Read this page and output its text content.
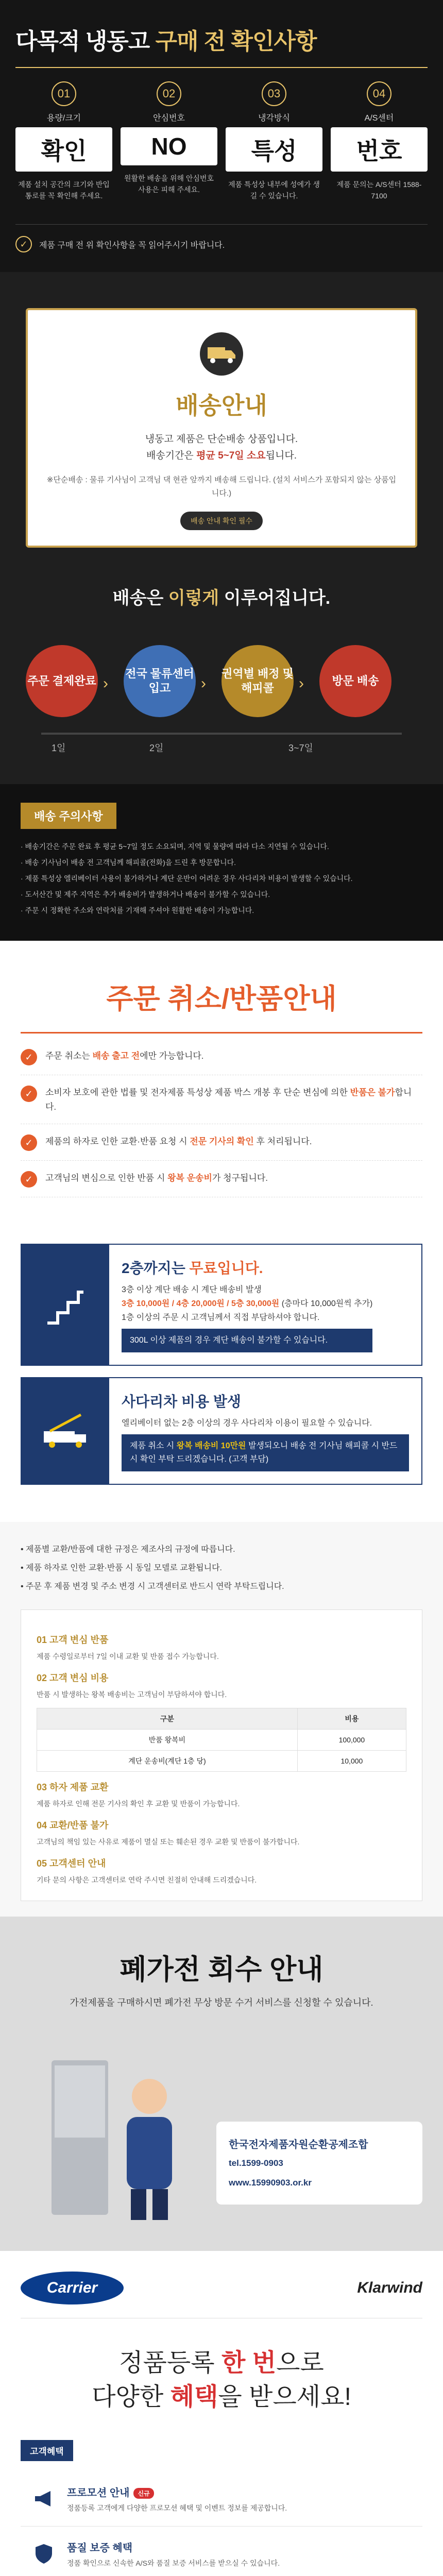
다목적 냉동고 구매 전 확인사항
01
용량/크기
확인
제품 설치 공간의 크기와 반입 통로를 꼭 확인해 주세요.
02
안심번호
NO
원활한 배송을 위해 안심번호 사용은 피해 주세요.
03
냉각방식
특성
제품 특성상 내부에 성에가 생길 수 있습니다.
04
A/S센터
번호
제품 문의는 A/S센터 1588-7100
✓	제품 구매 전 위 확인사항을 꼭 읽어주시기 바랍니다.
배송안내
냉동고 제품은 단순배송 상품입니다.
배송기간은 평균 5~7일 소요됩니다.
※단순배송 : 물류 기사님이 고객님 댁 현관 앞까지 배송해 드립니다. (설치 서비스가 포함되지 않는 상품입니다.)
배송 안내 확인 필수
배송은 이렇게 이루어집니다.
주문 결제완료 ›
전국 물류센터 입고	›
권역별 배정 및 해피콜	›	방문 배송
1일	2일	3~7일
배송 주의사항
· 배송기간은 주문 완료 후 평균 5~7일 정도 소요되며, 지역 및 물량에 따라 다소 지연될 수 있습니다.
· 배송 기사님이 배송 전 고객님께 해피콜(전화)을 드린 후 방문합니다.
· 제품 특성상 엘리베이터 사용이 불가하거나 계단 운반이 어려운 경우 사다리차 비용이 발생할 수 있습니다.
· 도서산간 및 제주 지역은 추가 배송비가 발생하거나 배송이 불가할 수 있습니다.
· 주문 시 정확한 주소와 연락처를 기재해 주셔야 원활한 배송이 가능합니다.
주문 취소/반품안내
✓	주문 취소는 배송 출고 전에만 가능합니다.
✓	소비자 보호에 관한 법률 및 전자제품 특성상 제품 박스 개봉 후 단순 변심에 의한 반품은 불가합니다.
✓	제품의 하자로 인한 교환·반품 요청 시 전문 기사의 확인 후 처리됩니다.
✓	고객님의 변심으로 인한 반품 시 왕복 운송비가 청구됩니다.
2층까지는 무료입니다.
3층 이상 계단 배송 시 계단 배송비 발생
3층 10,000원 / 4층 20,000원 / 5층 30,000원 (층마다 10,000원씩 추가)
1층 이상의 주문 시 고객님께서 직접 부담하셔야 합니다.
300L 이상 제품의 경우 계단 배송이 불가할 수 있습니다.
사다리차 비용 발생
엘리베이터 없는 2층 이상의 경우 사다리차 이용이 필요할 수 있습니다.
제품 취소 시 왕복 배송비 10만원 발생되오니 배송 전 기사님 해피콜 시 반드시 확인 부탁 드리겠습니다. (고객 부담)
• 제품별 교환/반품에 대한 규정은 제조사의 규정에 따릅니다.
• 제품 하자로 인한 교환·반품 시 동일 모델로 교환됩니다.
• 주문 후 제품 변경 및 주소 변경 시 고객센터로 반드시 연락 부탁드립니다.
01 고객 변심 반품

제품 수령일로부터 7일 이내 교환 및 반품 접수 가능합니다.

02 고객 변심 비용

반품 시 발생하는 왕복 배송비는 고객님이 부담하셔야 합니다.

구분	비용
반품 왕복비	100,000
계단 운송비(계단 1층 당)	10,000
03 하자 제품 교환

제품 하자로 인해 전문 기사의 확인 후 교환 및 반품이 가능합니다.

04 교환/반품 불가

고객님의 책임 있는 사유로 제품이 멸실 또는 훼손된 경우 교환 및 반품이 불가합니다.

05 고객센터 안내

기타 문의 사항은 고객센터로 연락 주시면 친절히 안내해 드리겠습니다.

폐가전 회수 안내
가전제품을 구매하시면 폐가전 무상 방문 수거 서비스를 신청할 수 있습니다.
한국전자제품자원순환공제조합
tel.1599-0903
www.15990903.or.kr
Carrier	Klarwind
정품등록 한 번으로
다양한 혜택을 받으세요!
고객혜택
프로모션 안내 신규
정품등록 고객에게 다양한 프로모션 혜택 및 이벤트 정보를 제공합니다.
품질 보증 혜택
정품 확인으로 신속한 A/S와 품질 보증 서비스를 받으실 수 있습니다.
